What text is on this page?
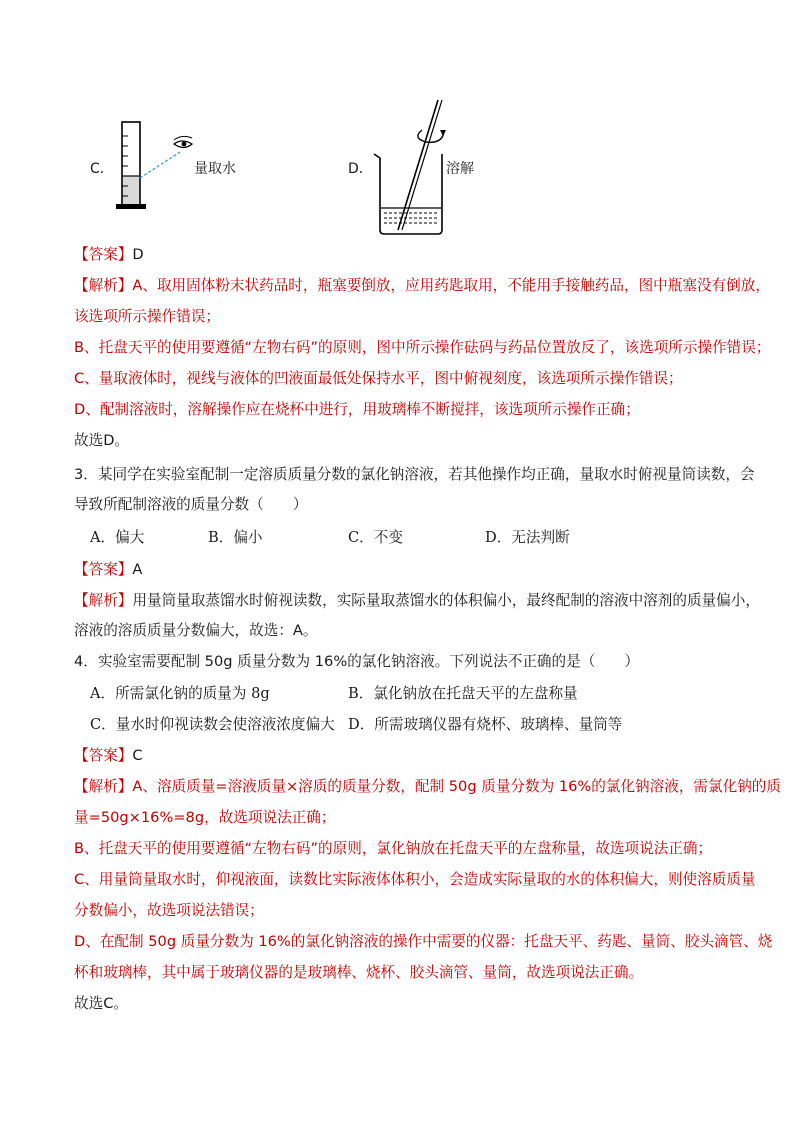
C．	量取水	D．	溶解
【答案】D
【解析】A、取用固体粉末状药品时，瓶塞要倒放，应用药匙取用，不能用手接触药品，图中瓶塞没有倒放，
该选项所示操作错误；
B、托盘天平的使用要遵循“左物右码”的原则，图中所示操作砝码与药品位置放反了，该选项所示操作错误；
C、量取液体时，视线与液体的凹液面最低处保持水平，图中俯视刻度，该选项所示操作错误；
D、配制溶液时，溶解操作应在烧杯中进行，用玻璃棒不断搅拌，该选项所示操作正确；
故选D。
3．某同学在实验室配制一定溶质质量分数的氯化钠溶液，若其他操作均正确，量取水时俯视量筒读数，会
导致所配制溶液的质量分数（　　）
A．偏大	B．偏小	C．不变	D．无法判断
【答案】A
【解析】用量筒量取蒸馏水时俯视读数，实际量取蒸馏水的体积偏小，最终配制的溶液中溶剂的质量偏小，
溶液的溶质质量分数偏大，故选：A。
4．实验室需要配制 50g 质量分数为 16%的氯化钠溶液。下列说法不正确的是（　　）
A．所需氯化钠的质量为 8g	B．氯化钠放在托盘天平的左盘称量
C．量水时仰视读数会使溶液浓度偏大 D．所需玻璃仪器有烧杯、玻璃棒、量筒等
【答案】C
【解析】A、溶质质量=溶液质量×溶质的质量分数，配制 50g 质量分数为 16%的氯化钠溶液，需氯化钠的质
量=50g×16%=8g，故选项说法正确；
B、托盘天平的使用要遵循“左物右码”的原则，氯化钠放在托盘天平的左盘称量，故选项说法正确；
C、用量筒量取水时，仰视液面，读数比实际液体体积小，会造成实际量取的水的体积偏大，则使溶质质量
分数偏小，故选项说法错误；
D、在配制 50g 质量分数为 16%的氯化钠溶液的操作中需要的仪器：托盘天平、药匙、量筒、胶头滴管、烧
杯和玻璃棒，其中属于玻璃仪器的是玻璃棒、烧杯、胶头滴管、量筒，故选项说法正确。
故选C。
